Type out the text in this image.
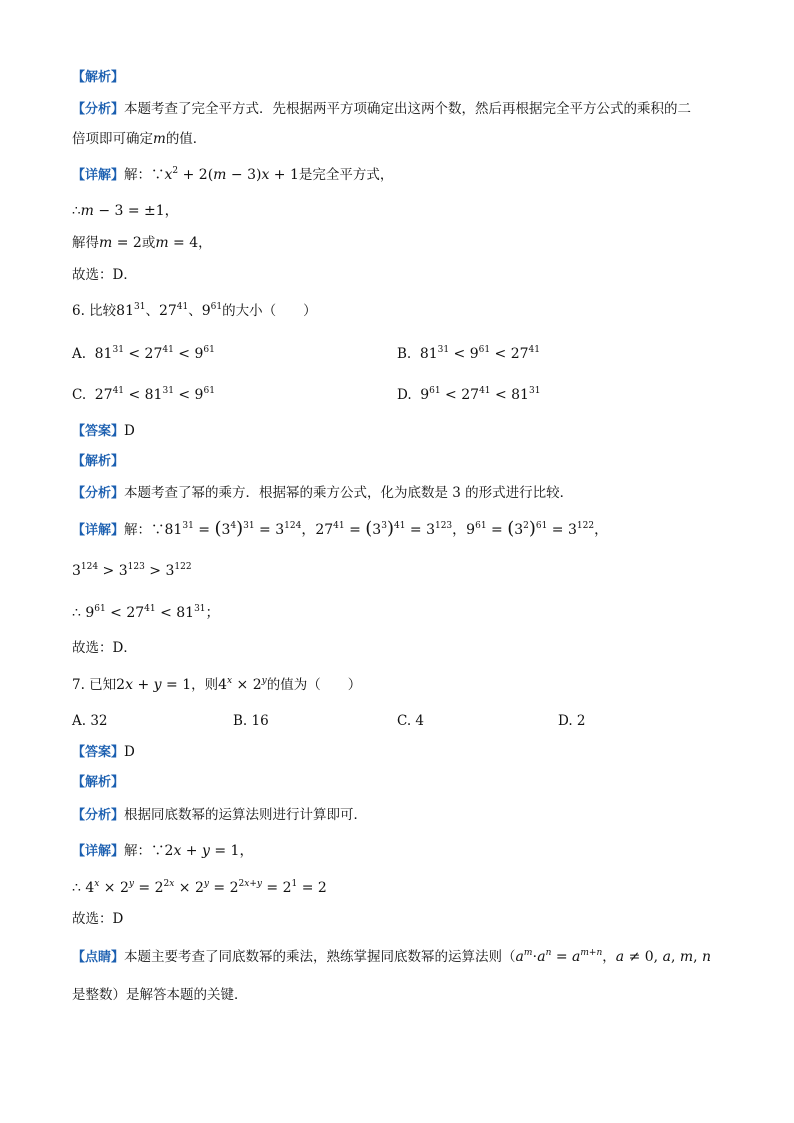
【解析】
【分析】本题考查了完全平方式．先根据两平方项确定出这两个数，然后再根据完全平方公式的乘积的二
倍项即可确定m的值．
【详解】解：$\because x^2 + 2(m - 3)x + 1$是完全平方式，
∴m − 3 = ±1，
解得m = 2或m = 4，
故选：D．
6. 比较$81^{31}$、$27^{41}$、$9^{61}$的大小（　　）
A. $81^{31} < 27^{41} < 9^{61}$	B. $81^{31} < 9^{61} < 27^{41}$
C. $27^{41} < 81^{31} < 9^{61}$	D. $9^{61} < 27^{41} < 81^{31}$
【答案】D
【解析】
【分析】本题考查了幂的乘方．根据幂的乘方公式，化为底数是 3 的形式进行比较．
【详解】解：$\because 81^{31} = (3^4)^{31} = 3^{124}$，$27^{41} = (3^3)^{41} = 3^{123}$，$9^{61} = (3^2)^{61} = 3^{122}$，
$3^{124} > 3^{123} > 3^{122}$
∴ $9^{61} < 27^{41} < 81^{31}$；
故选：D．
7. 已知2x + y = 1，则$4^x \times 2^y$的值为（　　）
A. 32	B. 16	C. 4	D. 2
【答案】D
【解析】
【分析】根据同底数幂的运算法则进行计算即可．
【详解】解：∵2x + y = 1，
∴ $4^x \times 2^y = 2^{2x} \times 2^y = 2^{2x+y} = 2^1 = 2$
故选：D
【点睛】本题主要考查了同底数幂的乘法，熟练掌握同底数幂的运算法则（$a^m\cdot a^n = a^{m+n}$，a ≠ 0, a, m, n
是整数）是解答本题的关键．
